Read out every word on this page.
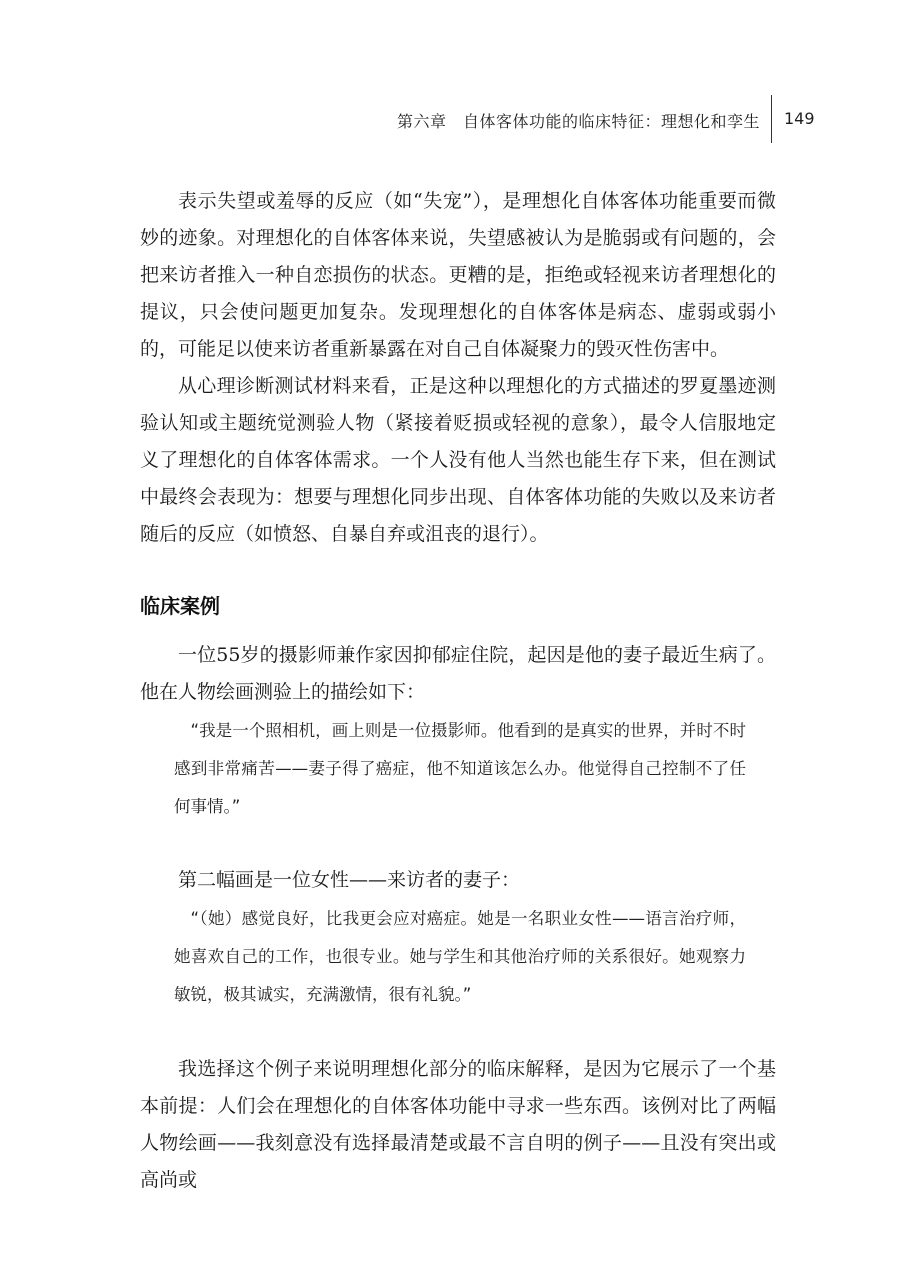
第六章　自体客体功能的临床特征：理想化和孪生 149

表示失望或羞辱的反应（如“失宠”），是理想化自体客体功能重要而微妙的迹象。对理想化的自体客体来说，失望感被认为是脆弱或有问题的，会把来访者推入一种自恋损伤的状态。更糟的是，拒绝或轻视来访者理想化的提议，只会使问题更加复杂。发现理想化的自体客体是病态、虚弱或弱小的，可能足以使来访者重新暴露在对自己自体凝聚力的毁灭性伤害中。

从心理诊断测试材料来看，正是这种以理想化的方式描述的罗夏墨迹测验认知或主题统觉测验人物（紧接着贬损或轻视的意象），最令人信服地定义了理想化的自体客体需求。一个人没有他人当然也能生存下来，但在测试中最终会表现为：想要与理想化同步出现、自体客体功能的失败以及来访者随后的反应（如愤怒、自暴自弃或沮丧的退行）。

临床案例

一位55岁的摄影师兼作家因抑郁症住院，起因是他的妻子最近生病了。他在人物绘画测验上的描绘如下：

“我是一个照相机，画上则是一位摄影师。他看到的是真实的世界，并时不时感到非常痛苦——妻子得了癌症，他不知道该怎么办。他觉得自己控制不了任何事情。”

第二幅画是一位女性——来访者的妻子：

“（她）感觉良好，比我更会应对癌症。她是一名职业女性——语言治疗师，她喜欢自己的工作，也很专业。她与学生和其他治疗师的关系很好。她观察力敏锐，极其诚实，充满激情，很有礼貌。”

我选择这个例子来说明理想化部分的临床解释，是因为它展示了一个基本前提：人们会在理想化的自体客体功能中寻求一些东西。该例对比了两幅人物绘画——我刻意没有选择最清楚或最不言自明的例子——且没有突出或高尚或
